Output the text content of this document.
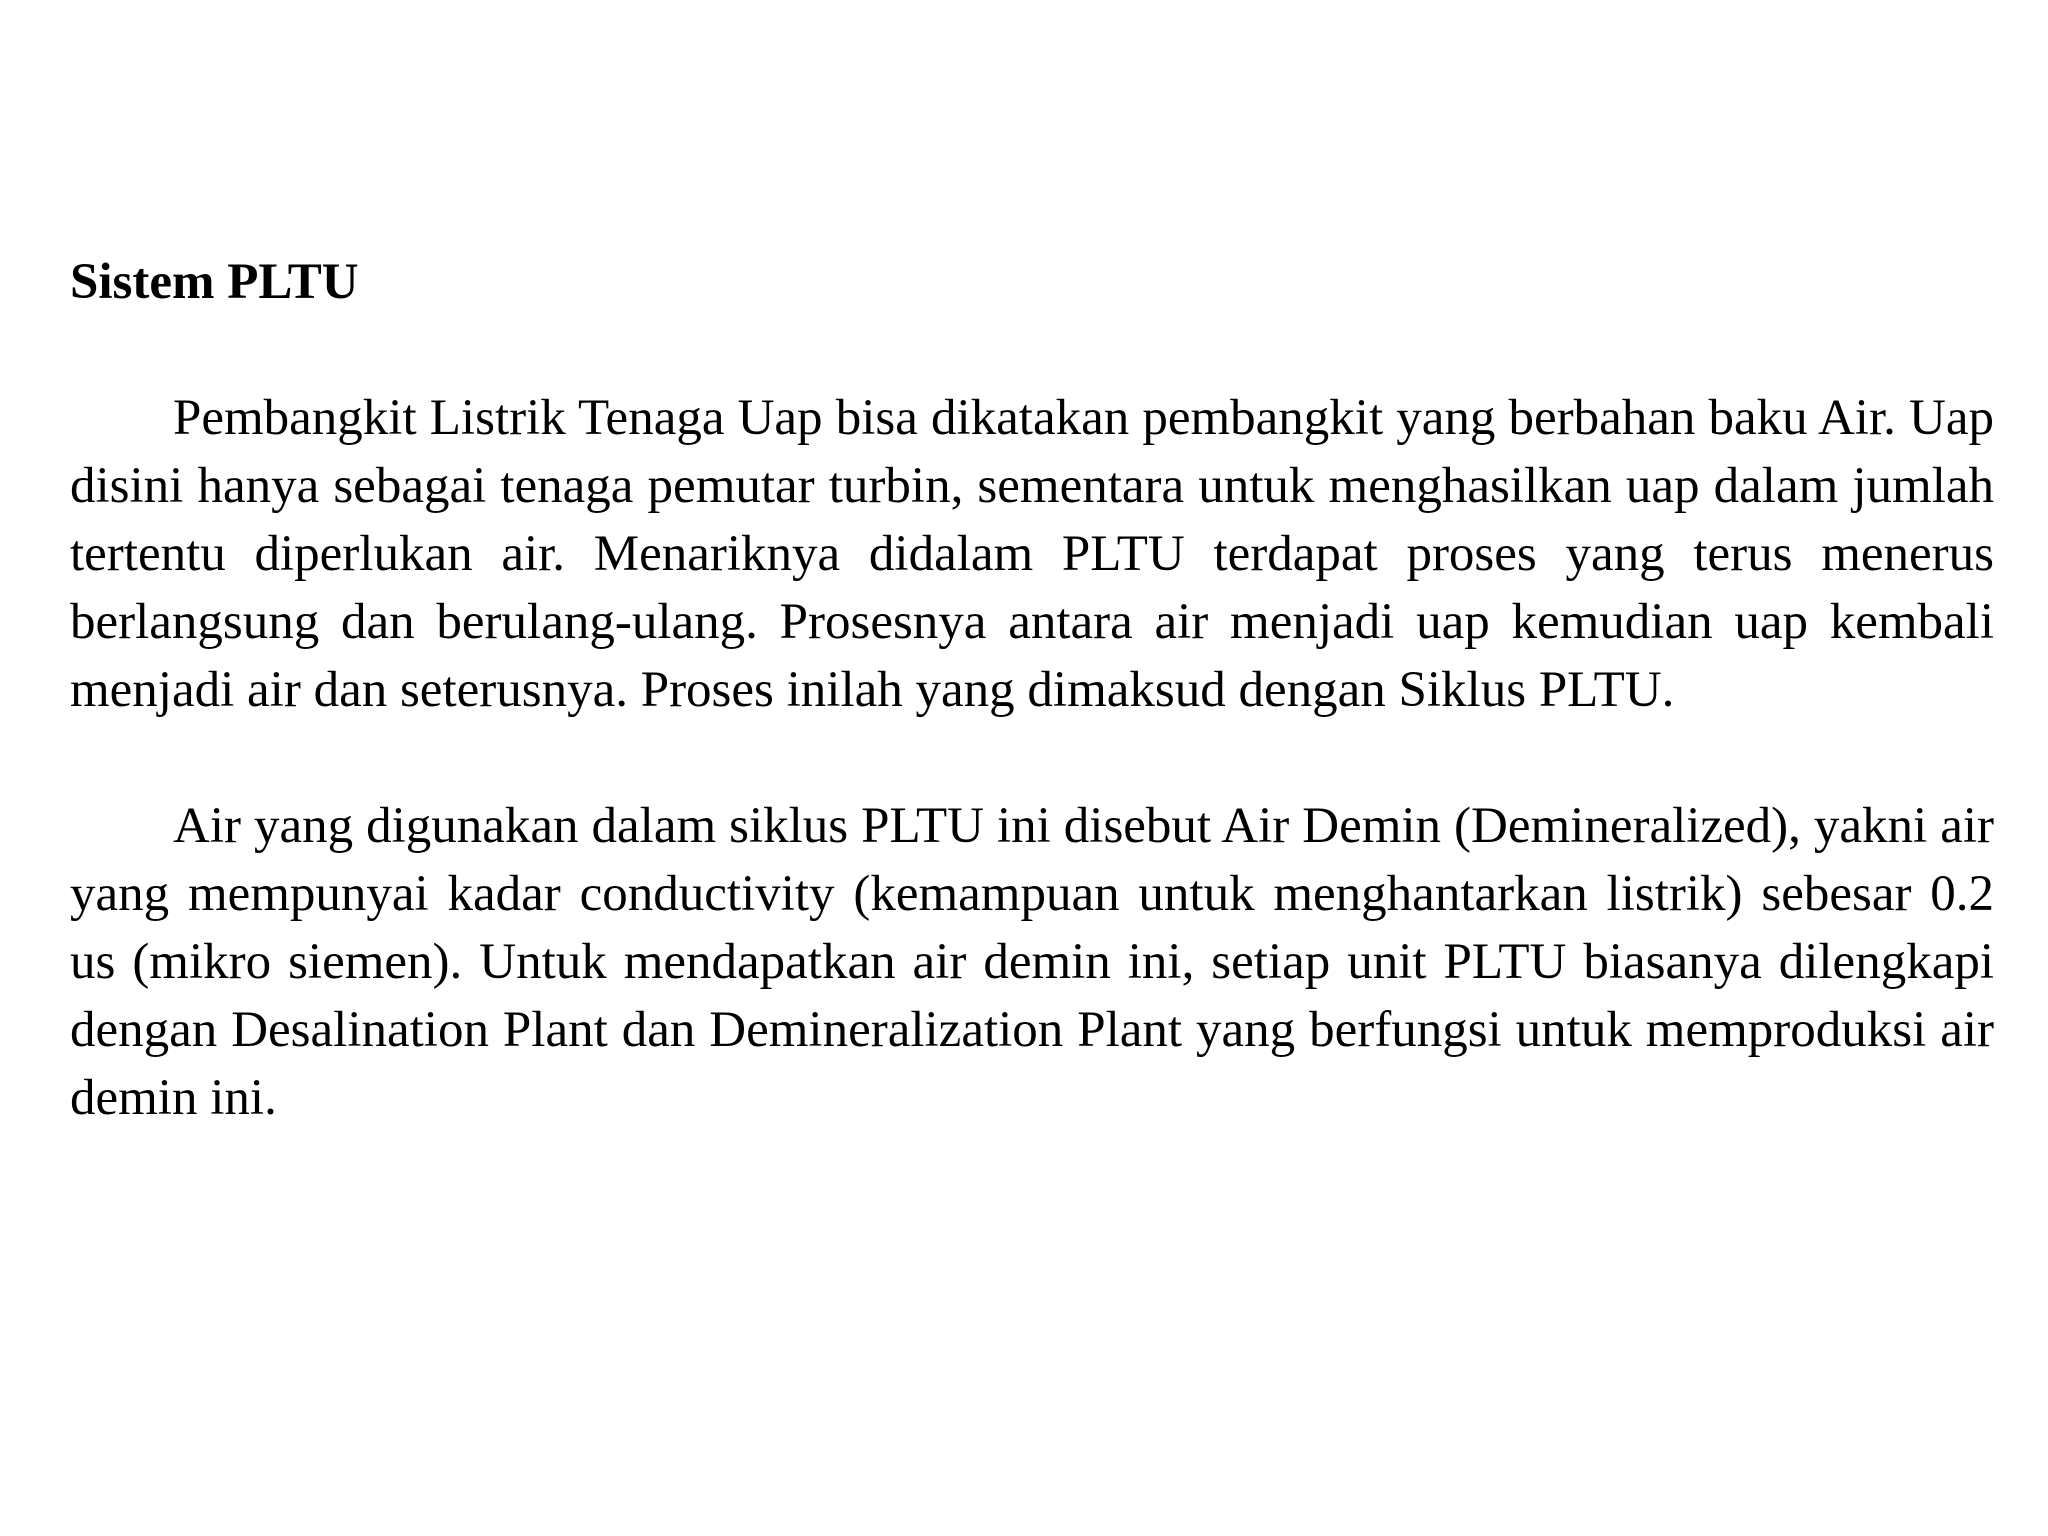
Sistem PLTU

Pembangkit Listrik Tenaga Uap bisa dikatakan pembangkit yang berbahan baku Air. Uap disini hanya sebagai tenaga pemutar turbin, sementara untuk menghasilkan uap dalam jumlah tertentu diperlukan air. Menariknya didalam PLTU terdapat proses yang terus menerus berlangsung dan berulang-ulang. Prosesnya antara air menjadi uap kemudian uap kembali menjadi air dan seterusnya. Proses inilah yang dimaksud dengan Siklus PLTU.

Air yang digunakan dalam siklus PLTU ini disebut Air Demin (Demineralized), yakni air yang mempunyai kadar conductivity (kemampuan untuk menghantarkan listrik) sebesar 0.2 us (mikro siemen). Untuk mendapatkan air demin ini, setiap unit PLTU biasanya dilengkapi dengan Desalination Plant dan Demineralization Plant yang berfungsi untuk memproduksi air demin ini.
